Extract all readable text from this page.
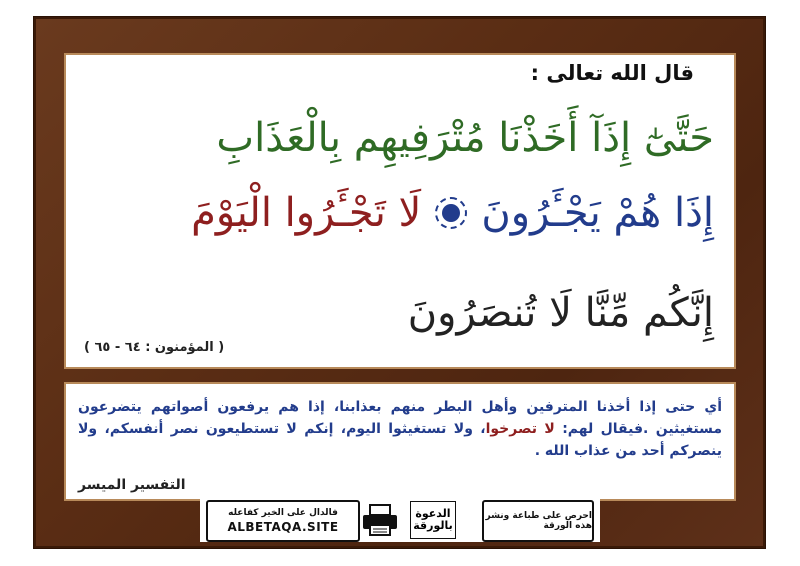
قال الله تعالى :
حَتَّىٰٓ إِذَآ أَخَذْنَا مُتْرَفِيهِم بِالْعَذَابِ
إِذَا هُمْ يَجْـَٔرُونَ
لَا تَجْـَٔرُوا الْيَوْمَ
إِنَّكُم مِّنَّا لَا تُنصَرُونَ
( المؤمنون : ٦٤ - ٦٥ )
أي حتى إذا أخذنا المترفين وأهل البطر منهم بعذابنا، إذا هم يرفعون أصواتهم يتضرعون مستغيثين .فيقال لهم: لا تصرخوا، ولا تستغيثوا اليوم، إنكم لا تستطيعون نصر أنفسكم، ولا ينصركم أحد من عذاب الله .
التفسير الميسر
احرص على طباعة ونشر هذه الورقة
الدعوة بالورقة
فالدال على الخير كفاعله
ALBETAQA.SITE
